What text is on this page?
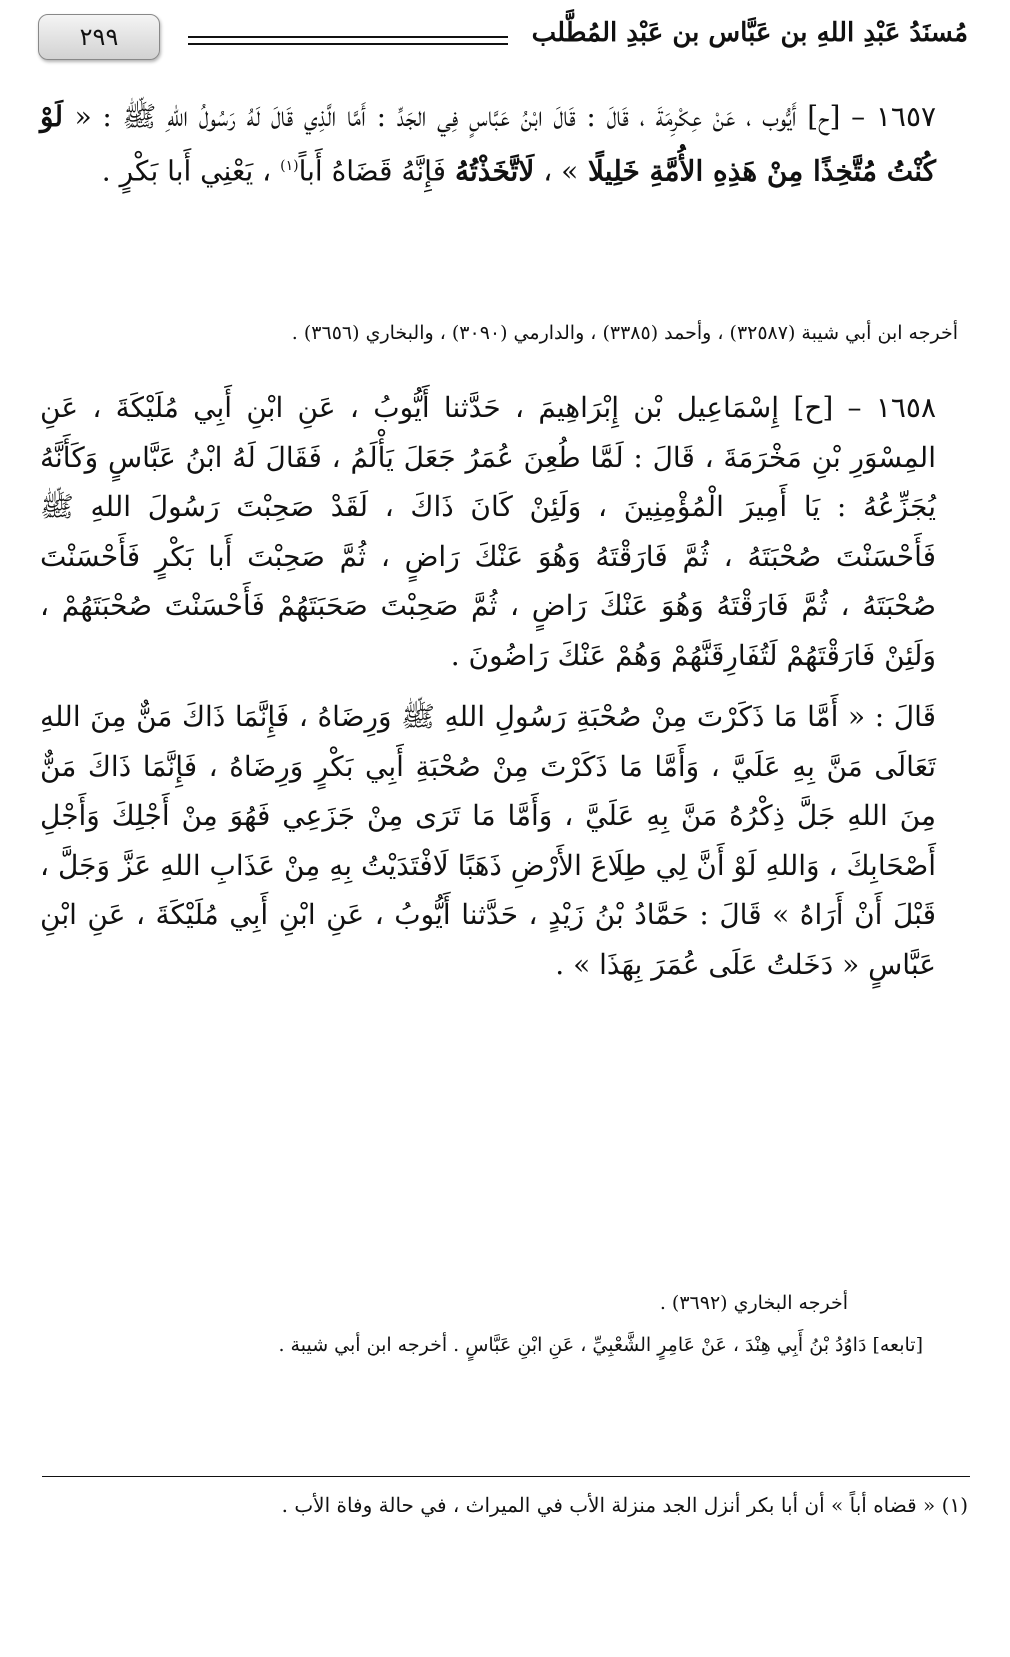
مُسنَدُ عَبْدِ اللهِ بن عَبَّاس بن عَبْدِ المُطَّلب
٢٩٩

١٦٥٧ – [ح] أَيُّوب ، عَنْ عِكْرِمَةَ ، قَالَ : قَالَ ابْنُ عَبَّاسٍ فِي الجَدِّ : أَمَّا الَّذِي قَالَ لَهُ رَسُولُ اللهِ ﷺ : « لَوْ كُنْتُ مُتَّخِذًا مِنْ هَذِهِ الأُمَّةِ خَلِيلًا » ، لَاتَّخَذْتُهُ فَإِنَّهُ قَضَاهُ أَباً$^{(١)}$ ، يَعْنِي أَبا بَكْرٍ .

أخرجه ابن أبي شيبة (٣٢٥٨٧) ، وأحمد (٣٣٨٥) ، والدارمي (٣٠٩٠) ، والبخاري (٣٦٥٦) .

١٦٥٨ – [ح] إِسْمَاعِيل بْن إِبْرَاهِيمَ ، حَدَّثنا أَيُّوبُ ، عَنِ ابْنِ أَبِي مُلَيْكَةَ ، عَنِ المِسْوَرِ بْنِ مَخْرَمَةَ ، قَالَ : لَمَّا طُعِنَ عُمَرُ جَعَلَ يَأْلَمُ ، فَقَالَ لَهُ ابْنُ عَبَّاسٍ وَكَأَنَّهُ يُجَزِّعُهُ : يَا أَمِيرَ الْمُؤْمِنِينَ ، وَلَئِنْ كَانَ ذَاكَ ، لَقَدْ صَحِبْتَ رَسُولَ اللهِ ﷺ فَأَحْسَنْتَ صُحْبَتَهُ ، ثُمَّ فَارَقْتَهُ وَهُوَ عَنْكَ رَاضٍ ، ثُمَّ صَحِبْتَ أَبا بَكْرٍ فَأَحْسَنْتَ صُحْبَتَهُ ، ثُمَّ فَارَقْتَهُ وَهُوَ عَنْكَ رَاضٍ ، ثُمَّ صَحِبْتَ صَحَبَتَهُمْ فَأَحْسَنْتَ صُحْبَتَهُمْ ، وَلَئِنْ فَارَقْتَهُمْ لَتُفَارِقَنَّهُمْ وَهُمْ عَنْكَ رَاضُونَ .

قَالَ : « أَمَّا مَا ذَكَرْتَ مِنْ صُحْبَةِ رَسُولِ اللهِ ﷺ وَرِضَاهُ ، فَإِنَّمَا ذَاكَ مَنٌّ مِنَ اللهِ تَعَالَى مَنَّ بِهِ عَلَيَّ ، وَأَمَّا مَا ذَكَرْتَ مِنْ صُحْبَةِ أَبِي بَكْرٍ وَرِضَاهُ ، فَإِنَّمَا ذَاكَ مَنٌّ مِنَ اللهِ جَلَّ ذِكْرُهُ مَنَّ بِهِ عَلَيَّ ، وَأَمَّا مَا تَرَى مِنْ جَزَعِي فَهُوَ مِنْ أَجْلِكَ وَأَجْلِ أَصْحَابِكَ ، وَاللهِ لَوْ أَنَّ لِي طِلَاعَ الأَرْضِ ذَهَبًا لَافْتَدَيْتُ بِهِ مِنْ عَذَابِ اللهِ عَزَّ وَجَلَّ ، قَبْلَ أَنْ أَرَاهُ » قَالَ : حَمَّادُ بْنُ زَيْدٍ ، حَدَّثنا أَيُّوبُ ، عَنِ ابْنِ أَبِي مُلَيْكَةَ ، عَنِ ابْنِ عَبَّاسٍ « دَخَلتُ عَلَى عُمَرَ بِهَذَا » .

أخرجه البخاري (٣٦٩٢) .
[تابعه] دَاوُدُ بْنُ أَبِي هِنْدَ ، عَنْ عَامِرٍ الشَّعْبِيِّ ، عَنِ ابْنِ عَبَّاسٍ . أخرجه ابن أبي شيبة .
(١) « قضاه أباً » أن أبا بكر أنزل الجد منزلة الأب في الميراث ، في حالة وفاة الأب .
